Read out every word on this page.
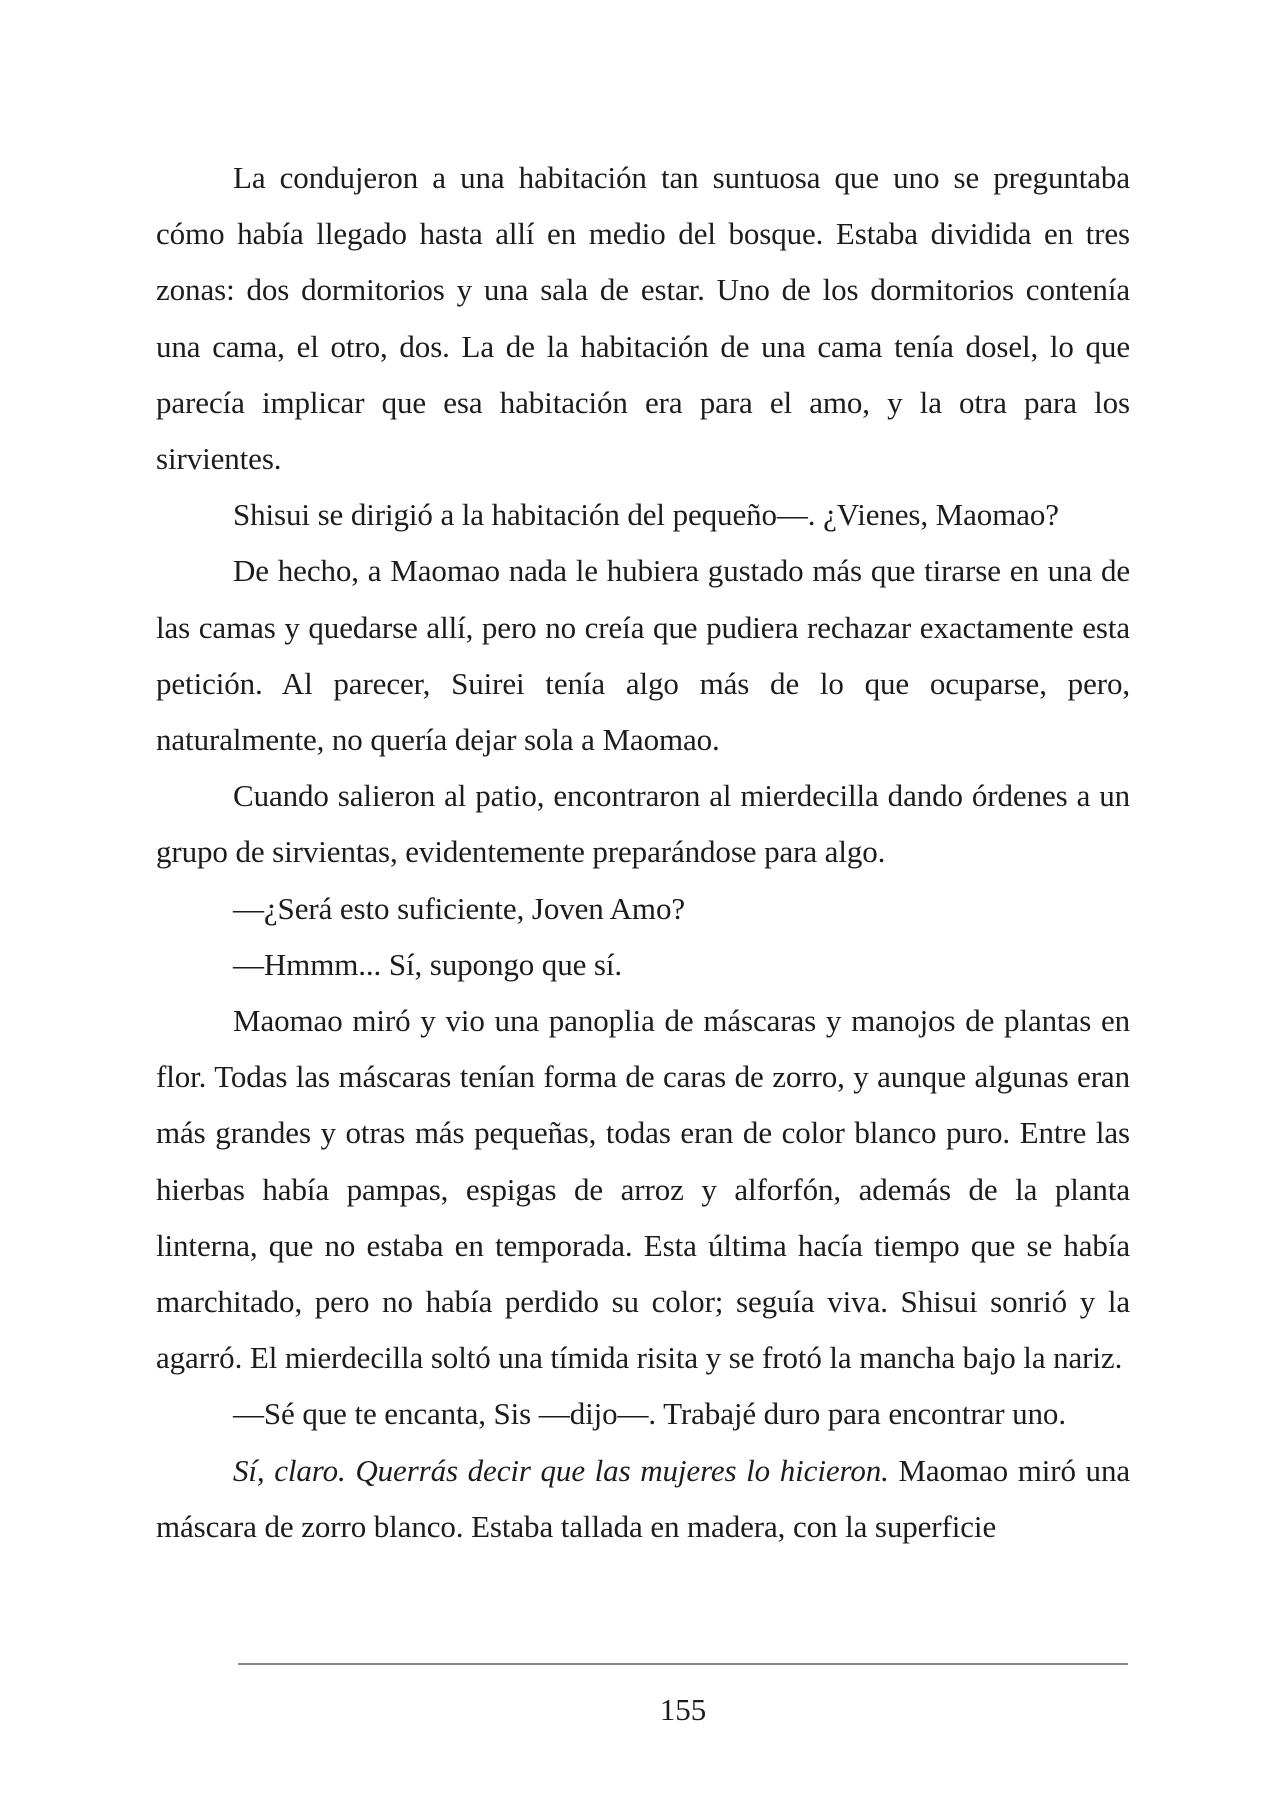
La condujeron a una habitación tan suntuosa que uno se preguntaba cómo había llegado hasta allí en medio del bosque. Estaba dividida en tres zonas: dos dormitorios y una sala de estar. Uno de los dormitorios contenía una cama, el otro, dos. La de la habitación de una cama tenía dosel, lo que parecía implicar que esa habitación era para el amo, y la otra para los sirvientes.

Shisui se dirigió a la habitación del pequeño—. ¿Vienes, Maomao?

De hecho, a Maomao nada le hubiera gustado más que tirarse en una de las camas y quedarse allí, pero no creía que pudiera rechazar exactamente esta petición. Al parecer, Suirei tenía algo más de lo que ocuparse, pero, naturalmente, no quería dejar sola a Maomao.

Cuando salieron al patio, encontraron al mierdecilla dando órdenes a un grupo de sirvientas, evidentemente preparándose para algo.

—¿Será esto suficiente, Joven Amo?

—Hmmm... Sí, supongo que sí.

Maomao miró y vio una panoplia de máscaras y manojos de plantas en flor. Todas las máscaras tenían forma de caras de zorro, y aunque algunas eran más grandes y otras más pequeñas, todas eran de color blanco puro. Entre las hierbas había pampas, espigas de arroz y alforfón, además de la planta linterna, que no estaba en temporada. Esta última hacía tiempo que se había marchitado, pero no había perdido su color; seguía viva. Shisui sonrió y la agarró. El mierdecilla soltó una tímida risita y se frotó la mancha bajo la nariz.

—Sé que te encanta, Sis —dijo—. Trabajé duro para encontrar uno.

Sí, claro. Querrás decir que las mujeres lo hicieron. Maomao miró una máscara de zorro blanco. Estaba tallada en madera, con la superficie

155
